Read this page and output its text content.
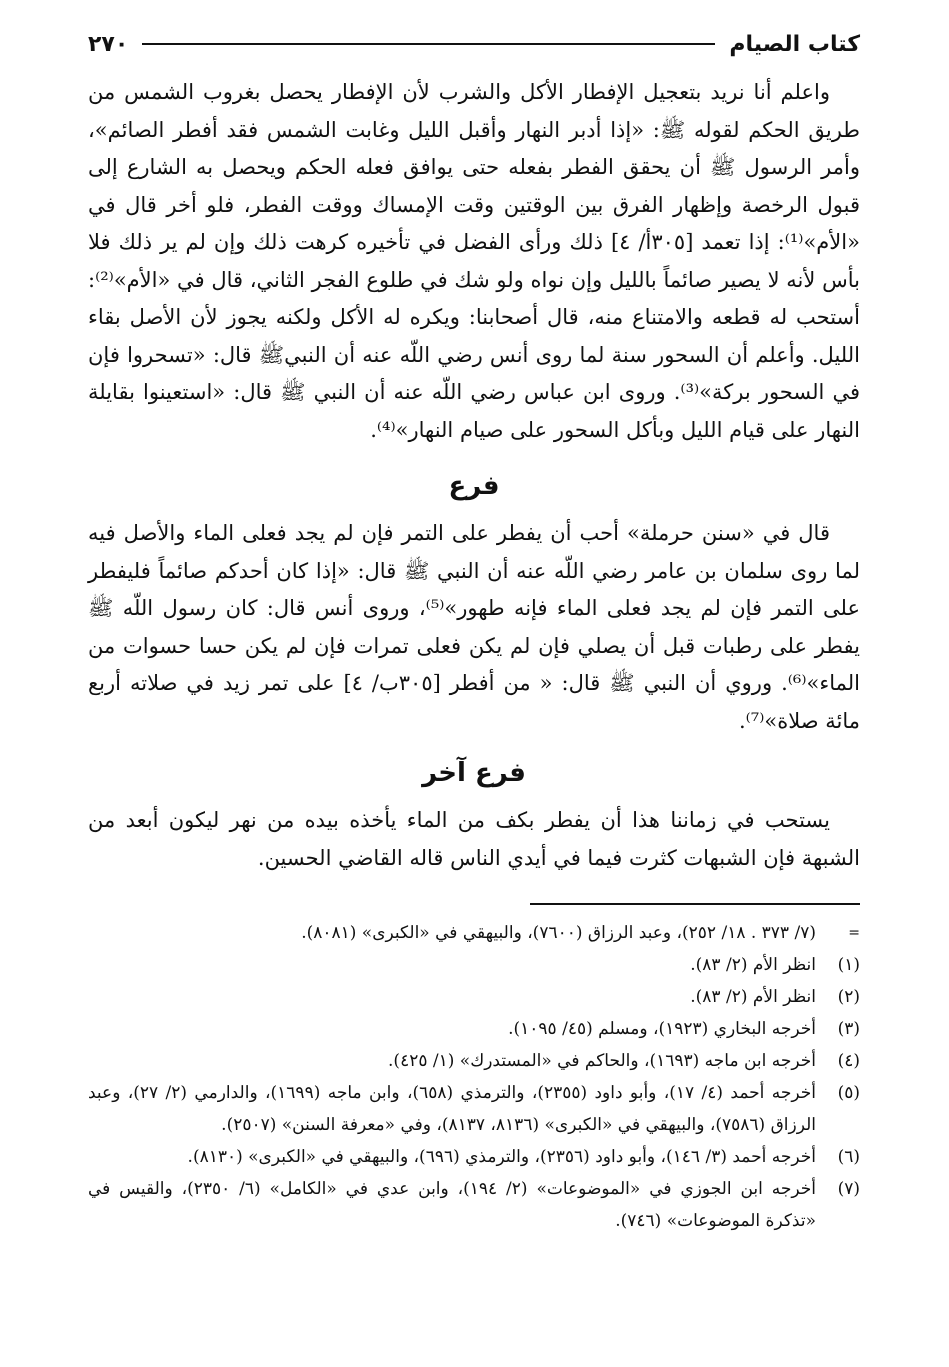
كتاب الصيام
٢٧٠

واعلم أنا نريد بتعجيل الإفطار الأكل والشرب لأن الإفطار يحصل بغروب الشمس من طريق الحكم لقوله ﷺ: «إذا أدبر النهار وأقبل الليل وغابت الشمس فقد أفطر الصائم»، وأمر الرسول ﷺ أن يحقق الفطر بفعله حتى يوافق فعله الحكم ويحصل به الشارع إلى قبول الرخصة وإظهار الفرق بين الوقتين وقت الإمساك ووقت الفطر، فلو أخر قال في «الأم»⁽¹⁾: إذا تعمد [٣٠٥أ/ ٤] ذلك ورأى الفضل في تأخيره كرهت ذلك وإن لم ير ذلك فلا بأس لأنه لا يصير صائماً بالليل وإن نواه ولو شك في طلوع الفجر الثاني، قال في «الأم»⁽²⁾: أستحب له قطعه والامتناع منه، قال أصحابنا: ويكره له الأكل ولكنه يجوز لأن الأصل بقاء الليل. وأعلم أن السحور سنة لما روى أنس رضي اللّه عنه أن النبيﷺ قال: «تسحروا فإن في السحور بركة»⁽³⁾. وروى ابن عباس رضي اللّه عنه أن النبي ﷺ قال: «استعينوا بقايلة النهار على قيام الليل وبأكل السحور على صيام النهار»⁽⁴⁾.

فرع

قال في «سنن حرملة» أحب أن يفطر على التمر فإن لم يجد فعلى الماء والأصل فيه لما روى سلمان بن عامر رضي اللّه عنه أن النبي ﷺ قال: «إذا كان أحدكم صائماً فليفطر على التمر فإن لم يجد فعلى الماء فإنه طهور»⁽⁵⁾، وروى أنس قال: كان رسول اللّه ﷺ يفطر على رطبات قبل أن يصلي فإن لم يكن فعلى تمرات فإن لم يكن حسا حسوات من الماء»⁽⁶⁾. وروي أن النبي ﷺ قال: « من أفطر [٣٠٥ب/ ٤] على تمر زيد في صلاته أربع مائة صلاة»⁽⁷⁾.

فرع آخر

يستحب في زماننا هذا أن يفطر بكف من الماء يأخذه بيده من نهر ليكون أبعد من الشبهة فإن الشبهات كثرت فيما في أيدي الناس قاله القاضي الحسين.

=
(٧/ ٣٧٣ . ١٨/ ٢٥٢)، وعبد الرزاق (٧٦٠٠)، والبيهقي في «الكبرى» (٨٠٨١).
(١)
انظر الأم (٢/ ٨٣).
(٢)
انظر الأم (٢/ ٨٣).
(٣)
أخرجه البخاري (١٩٢٣)، ومسلم (٤٥/ ١٠٩٥).
(٤)
أخرجه ابن ماجه (١٦٩٣)، والحاكم في «المستدرك» (١/ ٤٢٥).
(٥)
أخرجه أحمد (٤/ ١٧)، وأبو داود (٢٣٥٥)، والترمذي (٦٥٨)، وابن ماجه (١٦٩٩)، والدارمي (٢/ ٢٧)، وعبد الرزاق (٧٥٨٦)، والبيهقي في «الكبرى» (٨١٣٦، ٨١٣٧)، وفي «معرفة السنن» (٢٥٠٧).
(٦)
أخرجه أحمد (٣/ ١٤٦)، وأبو داود (٢٣٥٦)، والترمذي (٦٩٦)، والبيهقي في «الكبرى» (٨١٣٠).
(٧)
أخرجه ابن الجوزي في «الموضوعات» (٢/ ١٩٤)، وابن عدي في «الكامل» (٦/ ٢٣٥٠)، والقيس في «تذكرة الموضوعات» (٧٤٦).
